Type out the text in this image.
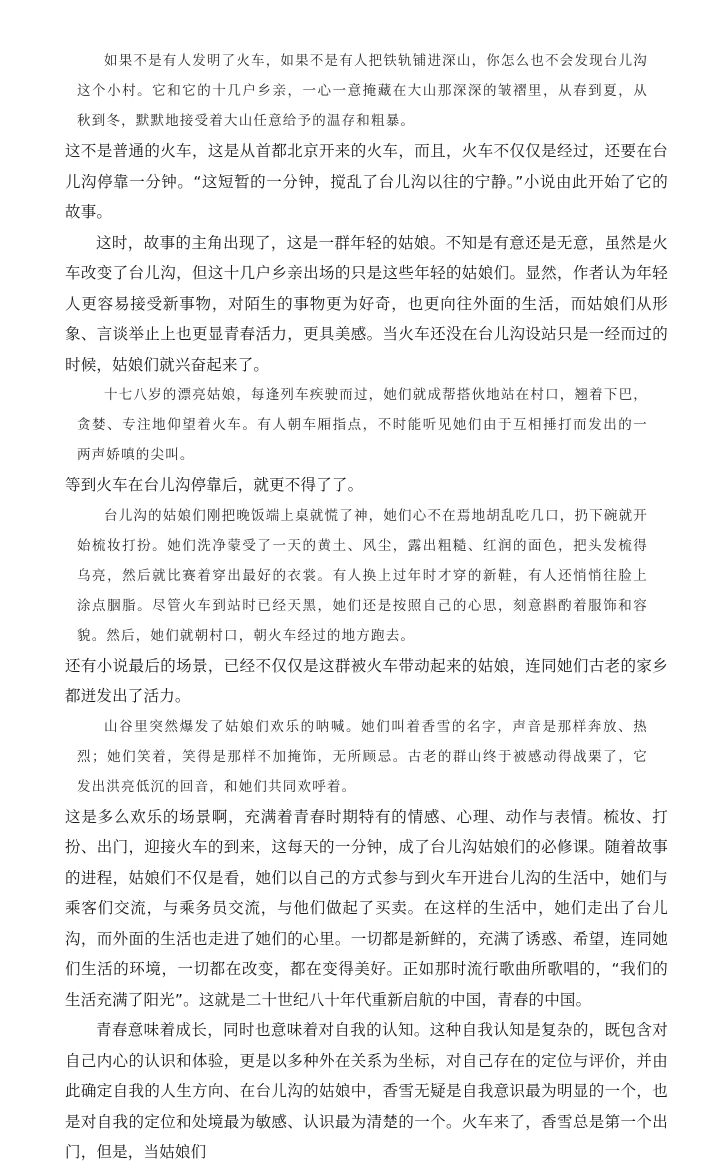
如果不是有人发明了火车，如果不是有人把铁轨铺进深山，你怎么也不会发现台儿沟这个小村。它和它的十几户乡亲，一心一意掩藏在大山那深深的皱褶里，从春到夏，从秋到冬，默默地接受着大山任意给予的温存和粗暴。

这不是普通的火车，这是从首都北京开来的火车，而且，火车不仅仅是经过，还要在台儿沟停靠一分钟。“这短暂的一分钟，搅乱了台儿沟以往的宁静。”小说由此开始了它的故事。

这时，故事的主角出现了，这是一群年轻的姑娘。不知是有意还是无意，虽然是火车改变了台儿沟，但这十几户乡亲出场的只是这些年轻的姑娘们。显然，作者认为年轻人更容易接受新事物，对陌生的事物更为好奇，也更向往外面的生活，而姑娘们从形象、言谈举止上也更显青春活力，更具美感。当火车还没在台儿沟设站只是一经而过的时候，姑娘们就兴奋起来了。

十七八岁的漂亮姑娘，每逢列车疾驶而过，她们就成帮搭伙地站在村口，翘着下巴，贪婪、专注地仰望着火车。有人朝车厢指点，不时能听见她们由于互相捶打而发出的一两声娇嗔的尖叫。

等到火车在台儿沟停靠后，就更不得了了。

台儿沟的姑娘们刚把晚饭端上桌就慌了神，她们心不在焉地胡乱吃几口，扔下碗就开始梳妆打扮。她们洗净蒙受了一天的黄土、风尘，露出粗糙、红润的面色，把头发梳得乌亮，然后就比赛着穿出最好的衣裳。有人换上过年时才穿的新鞋，有人还悄悄往脸上涂点胭脂。尽管火车到站时已经天黑，她们还是按照自己的心思，刻意斟酌着服饰和容貌。然后，她们就朝村口，朝火车经过的地方跑去。

还有小说最后的场景，已经不仅仅是这群被火车带动起来的姑娘，连同她们古老的家乡都迸发出了活力。

山谷里突然爆发了姑娘们欢乐的呐喊。她们叫着香雪的名字，声音是那样奔放、热烈；她们笑着，笑得是那样不加掩饰，无所顾忌。古老的群山终于被感动得战栗了，它发出洪亮低沉的回音，和她们共同欢呼着。

这是多么欢乐的场景啊，充满着青春时期特有的情感、心理、动作与表情。梳妆、打扮、出门，迎接火车的到来，这每天的一分钟，成了台儿沟姑娘们的必修课。随着故事的进程，姑娘们不仅是看，她们以自己的方式参与到火车开进台儿沟的生活中，她们与乘客们交流，与乘务员交流，与他们做起了买卖。在这样的生活中，她们走出了台儿沟，而外面的生活也走进了她们的心里。一切都是新鲜的，充满了诱惑、希望，连同她们生活的环境，一切都在改变，都在变得美好。正如那时流行歌曲所歌唱的，“我们的生活充满了阳光”。这就是二十世纪八十年代重新启航的中国，青春的中国。

青春意味着成长，同时也意味着对自我的认知。这种自我认知是复杂的，既包含对自己内心的认识和体验，更是以多种外在关系为坐标，对自己存在的定位与评价，并由此确定自我的人生方向、在台儿沟的姑娘中，香雪无疑是自我意识最为明显的一个，也是对自我的定位和处境最为敏感、认识最为清楚的一个。火车来了，香雪总是第一个出门，但是，当姑娘们
